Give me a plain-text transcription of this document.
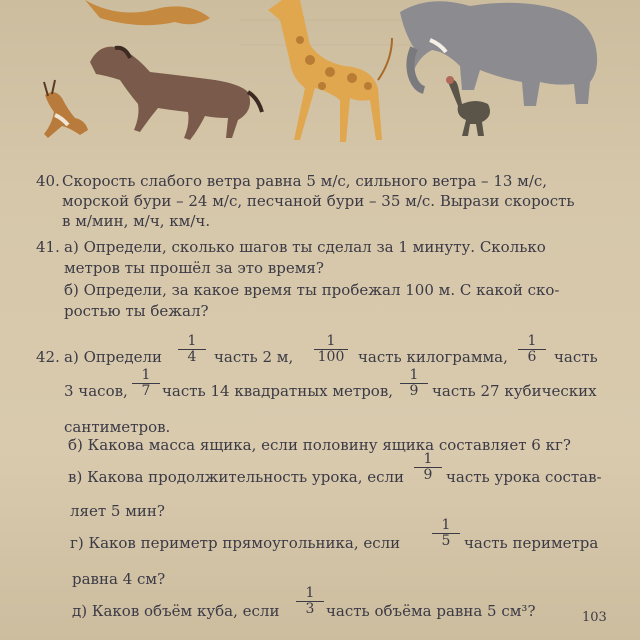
40. Скорость слабого ветра равна 5 м/с, сильного ветра – 13 м/с,
морской бури – 24 м/с, песчаной бури – 35 м/с. Вырази скорость
в м/мин, м/ч, км/ч.
41. а) Определи, сколько шагов ты сделал за 1 минуту. Сколько
метров ты прошёл за это время?
б) Определи, за какое время ты пробежал 100 м. С какой ско-
ростью ты бежал?
42. а) Определи $\frac{1}{4}$ часть 2 м, $\frac{1}{100}$ часть килограмма, $\frac{1}{6}$ часть
3 часов, $\frac{1}{7}$ часть 14 квадратных метров, $\frac{1}{9}$ часть 27 кубических
сантиметров.
б) Какова масса ящика, если половину ящика составляет 6 кг?
в) Какова продолжительность урока, если $\frac{1}{9}$ часть урока состав-
ляет 5 мин?
г) Каков периметр прямоугольника, если $\frac{1}{5}$ часть периметра
равна 4 см?
д) Каков объём куба, если $\frac{1}{3}$ часть объёма равна 5 см³?	103
